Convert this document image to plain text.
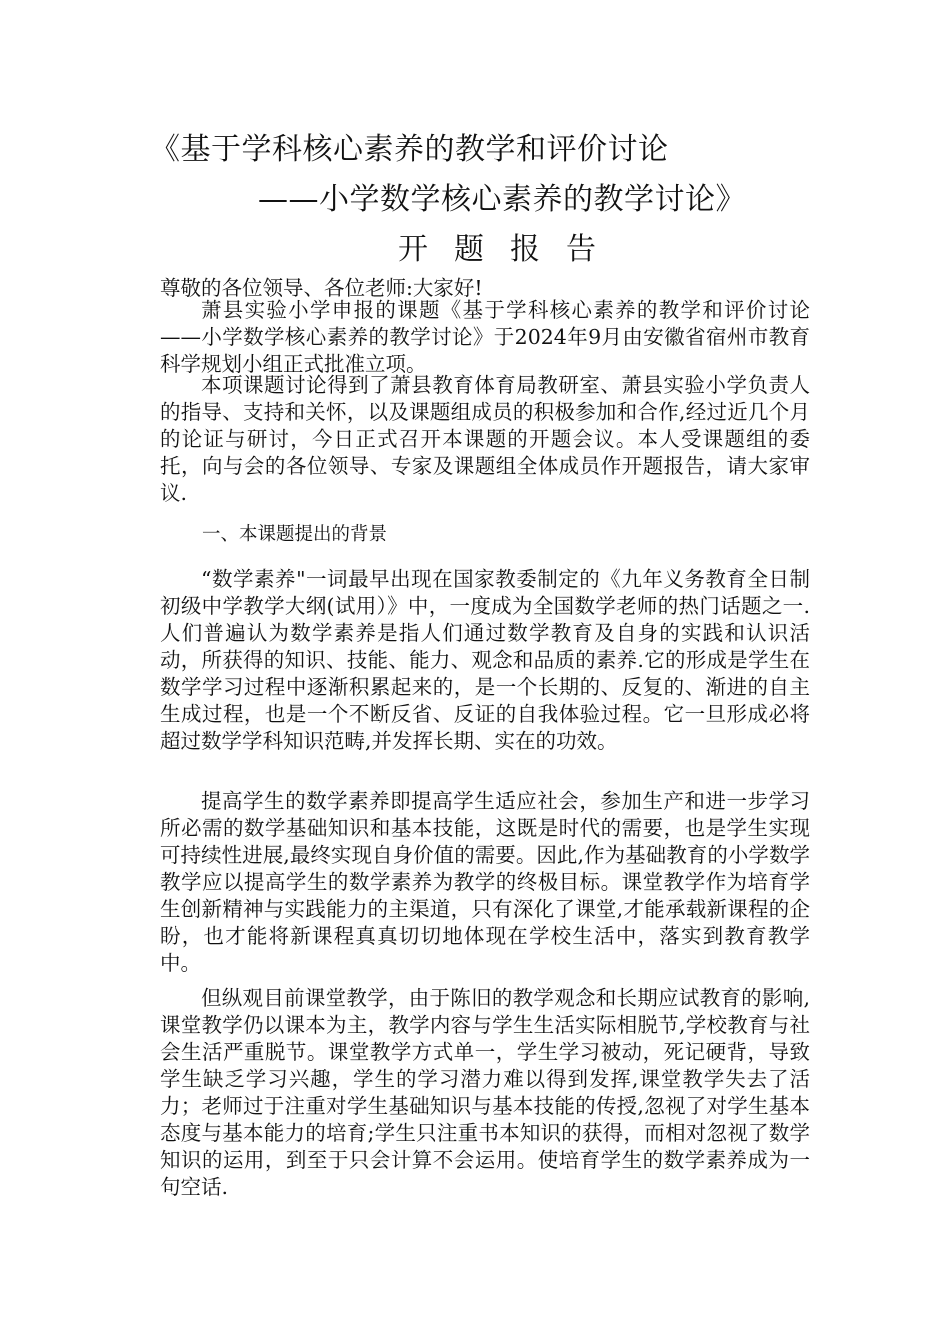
《基于学科核心素养的教学和评价讨论
——小学数学核心素养的教学讨论》
开题报告

尊敬的各位领导、各位老师:大家好!

萧县实验小学申报的课题《基于学科核心素养的教学和评价讨论——小学数学核心素养的教学讨论》于2024年9月由安徽省宿州市教育科学规划小组正式批准立项。

本项课题讨论得到了萧县教育体育局教研室、萧县实验小学负责人的指导、支持和关怀，以及课题组成员的积极参加和合作,经过近几个月的论证与研讨，今日正式召开本课题的开题会议。本人受课题组的委托，向与会的各位领导、专家及课题组全体成员作开题报告，请大家审议.

一、本课题提出的背景

“数学素养"一词最早出现在国家教委制定的《九年义务教育全日制初级中学教学大纲(试用）》中，一度成为全国数学老师的热门话题之一.人们普遍认为数学素养是指人们通过数学教育及自身的实践和认识活动，所获得的知识、技能、能力、观念和品质的素养.它的形成是学生在数学学习过程中逐渐积累起来的，是一个长期的、反复的、渐进的自主生成过程，也是一个不断反省、反证的自我体验过程。它一旦形成必将超过数学学科知识范畴,并发挥长期、实在的功效。

提高学生的数学素养即提高学生适应社会，参加生产和进一步学习所必需的数学基础知识和基本技能，这既是时代的需要，也是学生实现可持续性进展,最终实现自身价值的需要。因此,作为基础教育的小学数学教学应以提高学生的数学素养为教学的终极目标。课堂教学作为培育学生创新精神与实践能力的主渠道，只有深化了课堂,才能承载新课程的企盼，也才能将新课程真真切切地体现在学校生活中，落实到教育教学中。

但纵观目前课堂教学，由于陈旧的教学观念和长期应试教育的影响,课堂教学仍以课本为主，教学内容与学生生活实际相脱节,学校教育与社会生活严重脱节。课堂教学方式单一，学生学习被动，死记硬背，导致学生缺乏学习兴趣，学生的学习潜力难以得到发挥,课堂教学失去了活力；老师过于注重对学生基础知识与基本技能的传授,忽视了对学生基本态度与基本能力的培育;学生只注重书本知识的获得，而相对忽视了数学知识的运用，到至于只会计算不会运用。使培育学生的数学素养成为一句空话.
